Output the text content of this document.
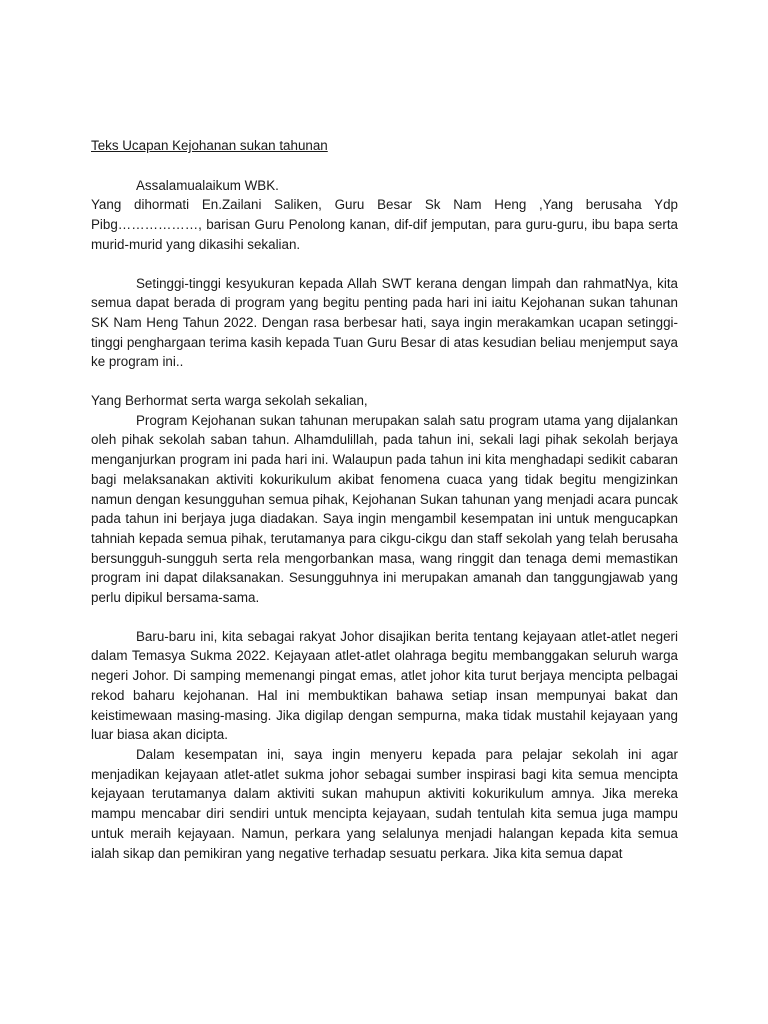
Teks Ucapan Kejohanan sukan tahunan

Assalamualaikum WBK.

Yang dihormati En.Zailani Saliken, Guru Besar Sk Nam Heng ,Yang berusaha Ydp Pibg………………, barisan Guru Penolong kanan, dif-dif jemputan, para guru-guru, ibu bapa serta murid-murid yang dikasihi sekalian.

Setinggi-tinggi kesyukuran kepada Allah SWT kerana dengan limpah dan rahmatNya, kita semua dapat berada di program yang begitu penting pada hari ini iaitu Kejohanan sukan tahunan SK Nam Heng Tahun 2022. Dengan rasa berbesar hati, saya ingin merakamkan ucapan setinggi-tinggi penghargaan terima kasih kepada Tuan Guru Besar di atas kesudian beliau menjemput saya ke program ini..

Yang Berhormat serta warga sekolah sekalian,

Program Kejohanan sukan tahunan merupakan salah satu program utama yang dijalankan oleh pihak sekolah saban tahun. Alhamdulillah, pada tahun ini, sekali lagi pihak sekolah berjaya menganjurkan program ini pada hari ini. Walaupun pada tahun ini kita menghadapi sedikit cabaran bagi melaksanakan aktiviti kokurikulum akibat fenomena cuaca yang tidak begitu mengizinkan namun dengan kesungguhan semua pihak, Kejohanan Sukan tahunan yang menjadi acara puncak pada tahun ini berjaya juga diadakan. Saya ingin mengambil kesempatan ini untuk mengucapkan tahniah kepada semua pihak, terutamanya para cikgu-cikgu dan staff sekolah yang telah berusaha bersungguh-sungguh serta rela mengorbankan masa, wang ringgit dan tenaga demi memastikan program ini dapat dilaksanakan. Sesungguhnya ini merupakan amanah dan tanggungjawab yang perlu dipikul bersama-sama.

Baru-baru ini, kita sebagai rakyat Johor disajikan berita tentang kejayaan atlet-atlet negeri dalam Temasya Sukma 2022. Kejayaan atlet-atlet olahraga begitu membanggakan seluruh warga negeri Johor. Di samping memenangi pingat emas, atlet johor kita turut berjaya mencipta pelbagai rekod baharu kejohanan. Hal ini membuktikan bahawa setiap insan mempunyai bakat dan keistimewaan masing-masing. Jika digilap dengan sempurna, maka tidak mustahil kejayaan yang luar biasa akan dicipta.

Dalam kesempatan ini, saya ingin menyeru kepada para pelajar sekolah ini agar menjadikan kejayaan atlet-atlet sukma johor sebagai sumber inspirasi bagi kita semua mencipta kejayaan terutamanya dalam aktiviti sukan mahupun aktiviti kokurikulum amnya. Jika mereka mampu mencabar diri sendiri untuk mencipta kejayaan, sudah tentulah kita semua juga mampu untuk meraih kejayaan. Namun, perkara yang selalunya menjadi halangan kepada kita semua ialah sikap dan pemikiran yang negative terhadap sesuatu perkara. Jika kita semua dapat
